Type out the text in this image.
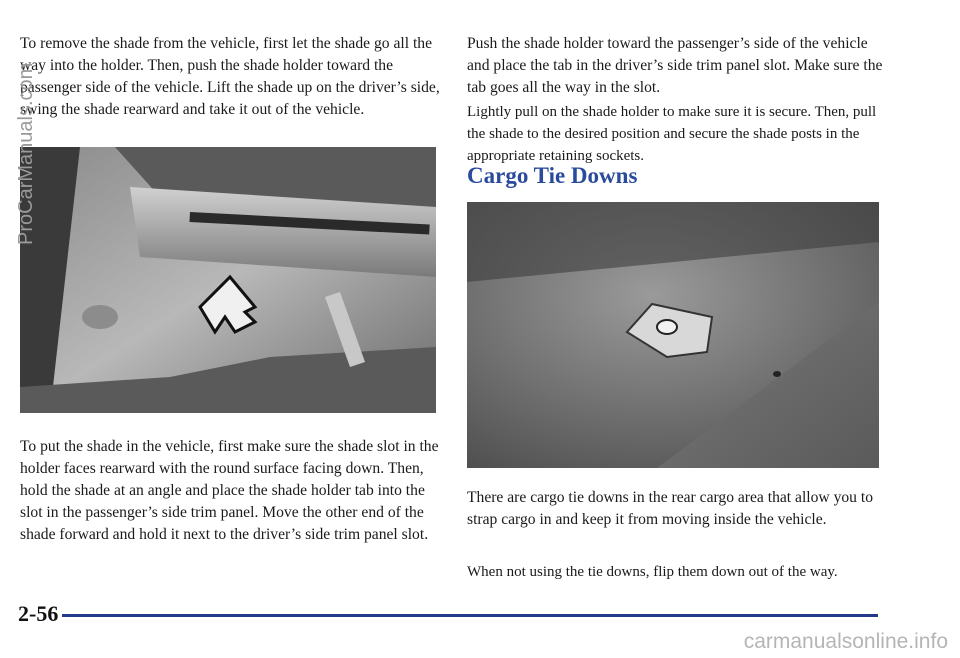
To remove the shade from the vehicle, first let the shade go all the way into the holder. Then, push the shade holder toward the passenger side of the vehicle. Lift the shade up on the driver’s side, swing the shade rearward and take it out of the vehicle.

To put the shade in the vehicle, first make sure the shade slot in the holder faces rearward with the round surface facing down. Then, hold the shade at an angle and place the shade holder tab into the slot in the passenger’s side trim panel. Move the other end of the shade forward and hold it next to the driver’s side trim panel slot.

Push the shade holder toward the passenger’s side of the vehicle and place the tab in the driver’s side trim panel slot. Make sure the tab goes all the way in the slot.

Lightly pull on the shade holder to make sure it is secure. Then, pull the shade to the desired position and secure the shade posts in the appropriate retaining sockets.

Cargo Tie Downs

There are cargo tie downs in the rear cargo area that allow you to strap cargo in and keep it from moving inside the vehicle.

When not using the tie downs, flip them down out of the way.

2-56

ProCarManuals.com

carmanualsonline.info
